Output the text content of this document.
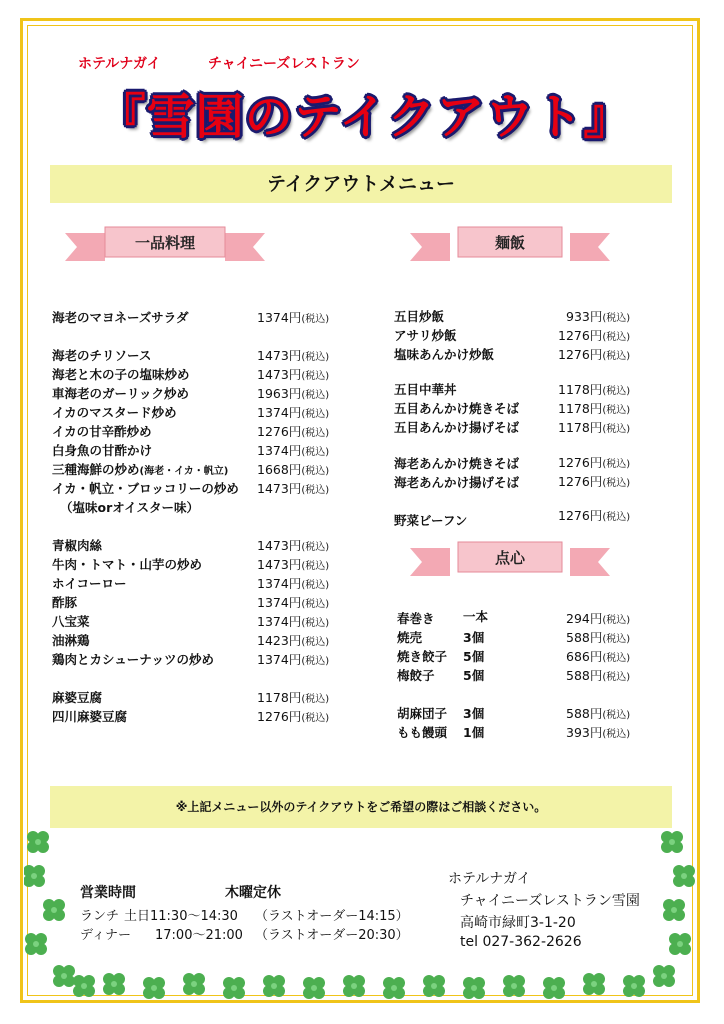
ホテルナガイ	チャイニーズレストラン
『雪園のテイクアウト』
テイクアウトメニュー
一品料理	麺飯
点心
海老のマヨネーズサラダ	1374円(税込)
海老のチリソース	1473円(税込)
海老と木の子の塩味炒め	1473円(税込)
車海老のガーリック炒め	1963円(税込)
イカのマスタード炒め	1374円(税込)
イカの甘辛酢炒め	1276円(税込)
白身魚の甘酢かけ	1374円(税込)
三種海鮮の炒め(海老・イカ・帆立) 1668円(税込)
イカ・帆立・ブロッコリーの炒め 1473円(税込)
（塩味orオイスター味）
青椒肉絲	1473円(税込)
牛肉・トマト・山芋の炒め	1473円(税込)
ホイコーロー	1374円(税込)
酢豚	1374円(税込)
八宝菜	1374円(税込)
油淋鶏	1423円(税込)
鶏肉とカシューナッツの炒め	1374円(税込)
麻婆豆腐	1178円(税込)
四川麻婆豆腐	1276円(税込)
五目炒飯	933円(税込)
アサリ炒飯	1276円(税込)
塩味あんかけ炒飯	1276円(税込)
五目中華丼	1178円(税込)
五目あんかけ焼きそば	1178円(税込)
五目あんかけ揚げそば	1178円(税込)
海老あんかけ焼きそば	1276円(税込)
海老あんかけ揚げそば	1276円(税込)
野菜ビーフン	1276円(税込)
春巻き 一本	294円(税込)
焼売	3個	588円(税込)
焼き餃子 5個	686円(税込)
梅餃子 5個	588円(税込)
胡麻団子 3個	588円(税込)
もも饅頭 1個	393円(税込)
※上記メニュー以外のテイクアウトをご希望の際はご相談ください。
営業時間	木曜定休
ランチ 土日11:30～14:30 （ラストオーダー14:15）
ディナー 17:00～21:00 （ラストオーダー20:30）
ホテルナガイ
チャイニーズレストラン雪園
高崎市緑町3-1-20
tel 027-362-2626
